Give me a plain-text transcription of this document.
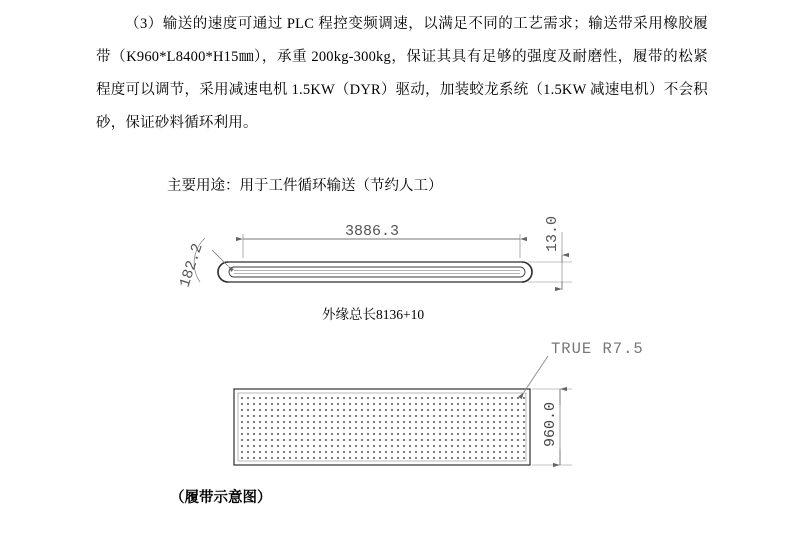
（3）输送的速度可通过 PLC 程控变频调速，以满足不同的工艺需求；输送带采用橡胶履带（K960*L8400*H15㎜），承重 200kg-300kg，保证其具有足够的强度及耐磨性，履带的松紧程度可以调节，采用减速电机 1.5KW（DYR）驱动，加装蛟龙系统（1.5KW 减速电机）不会积砂，保证砂料循环利用。
主要用途：用于工件循环输送（节约人工）
外缘总长8136+10
（履带示意图）
3886.3	13.0
182.2
TRUE R7.5
960.0
